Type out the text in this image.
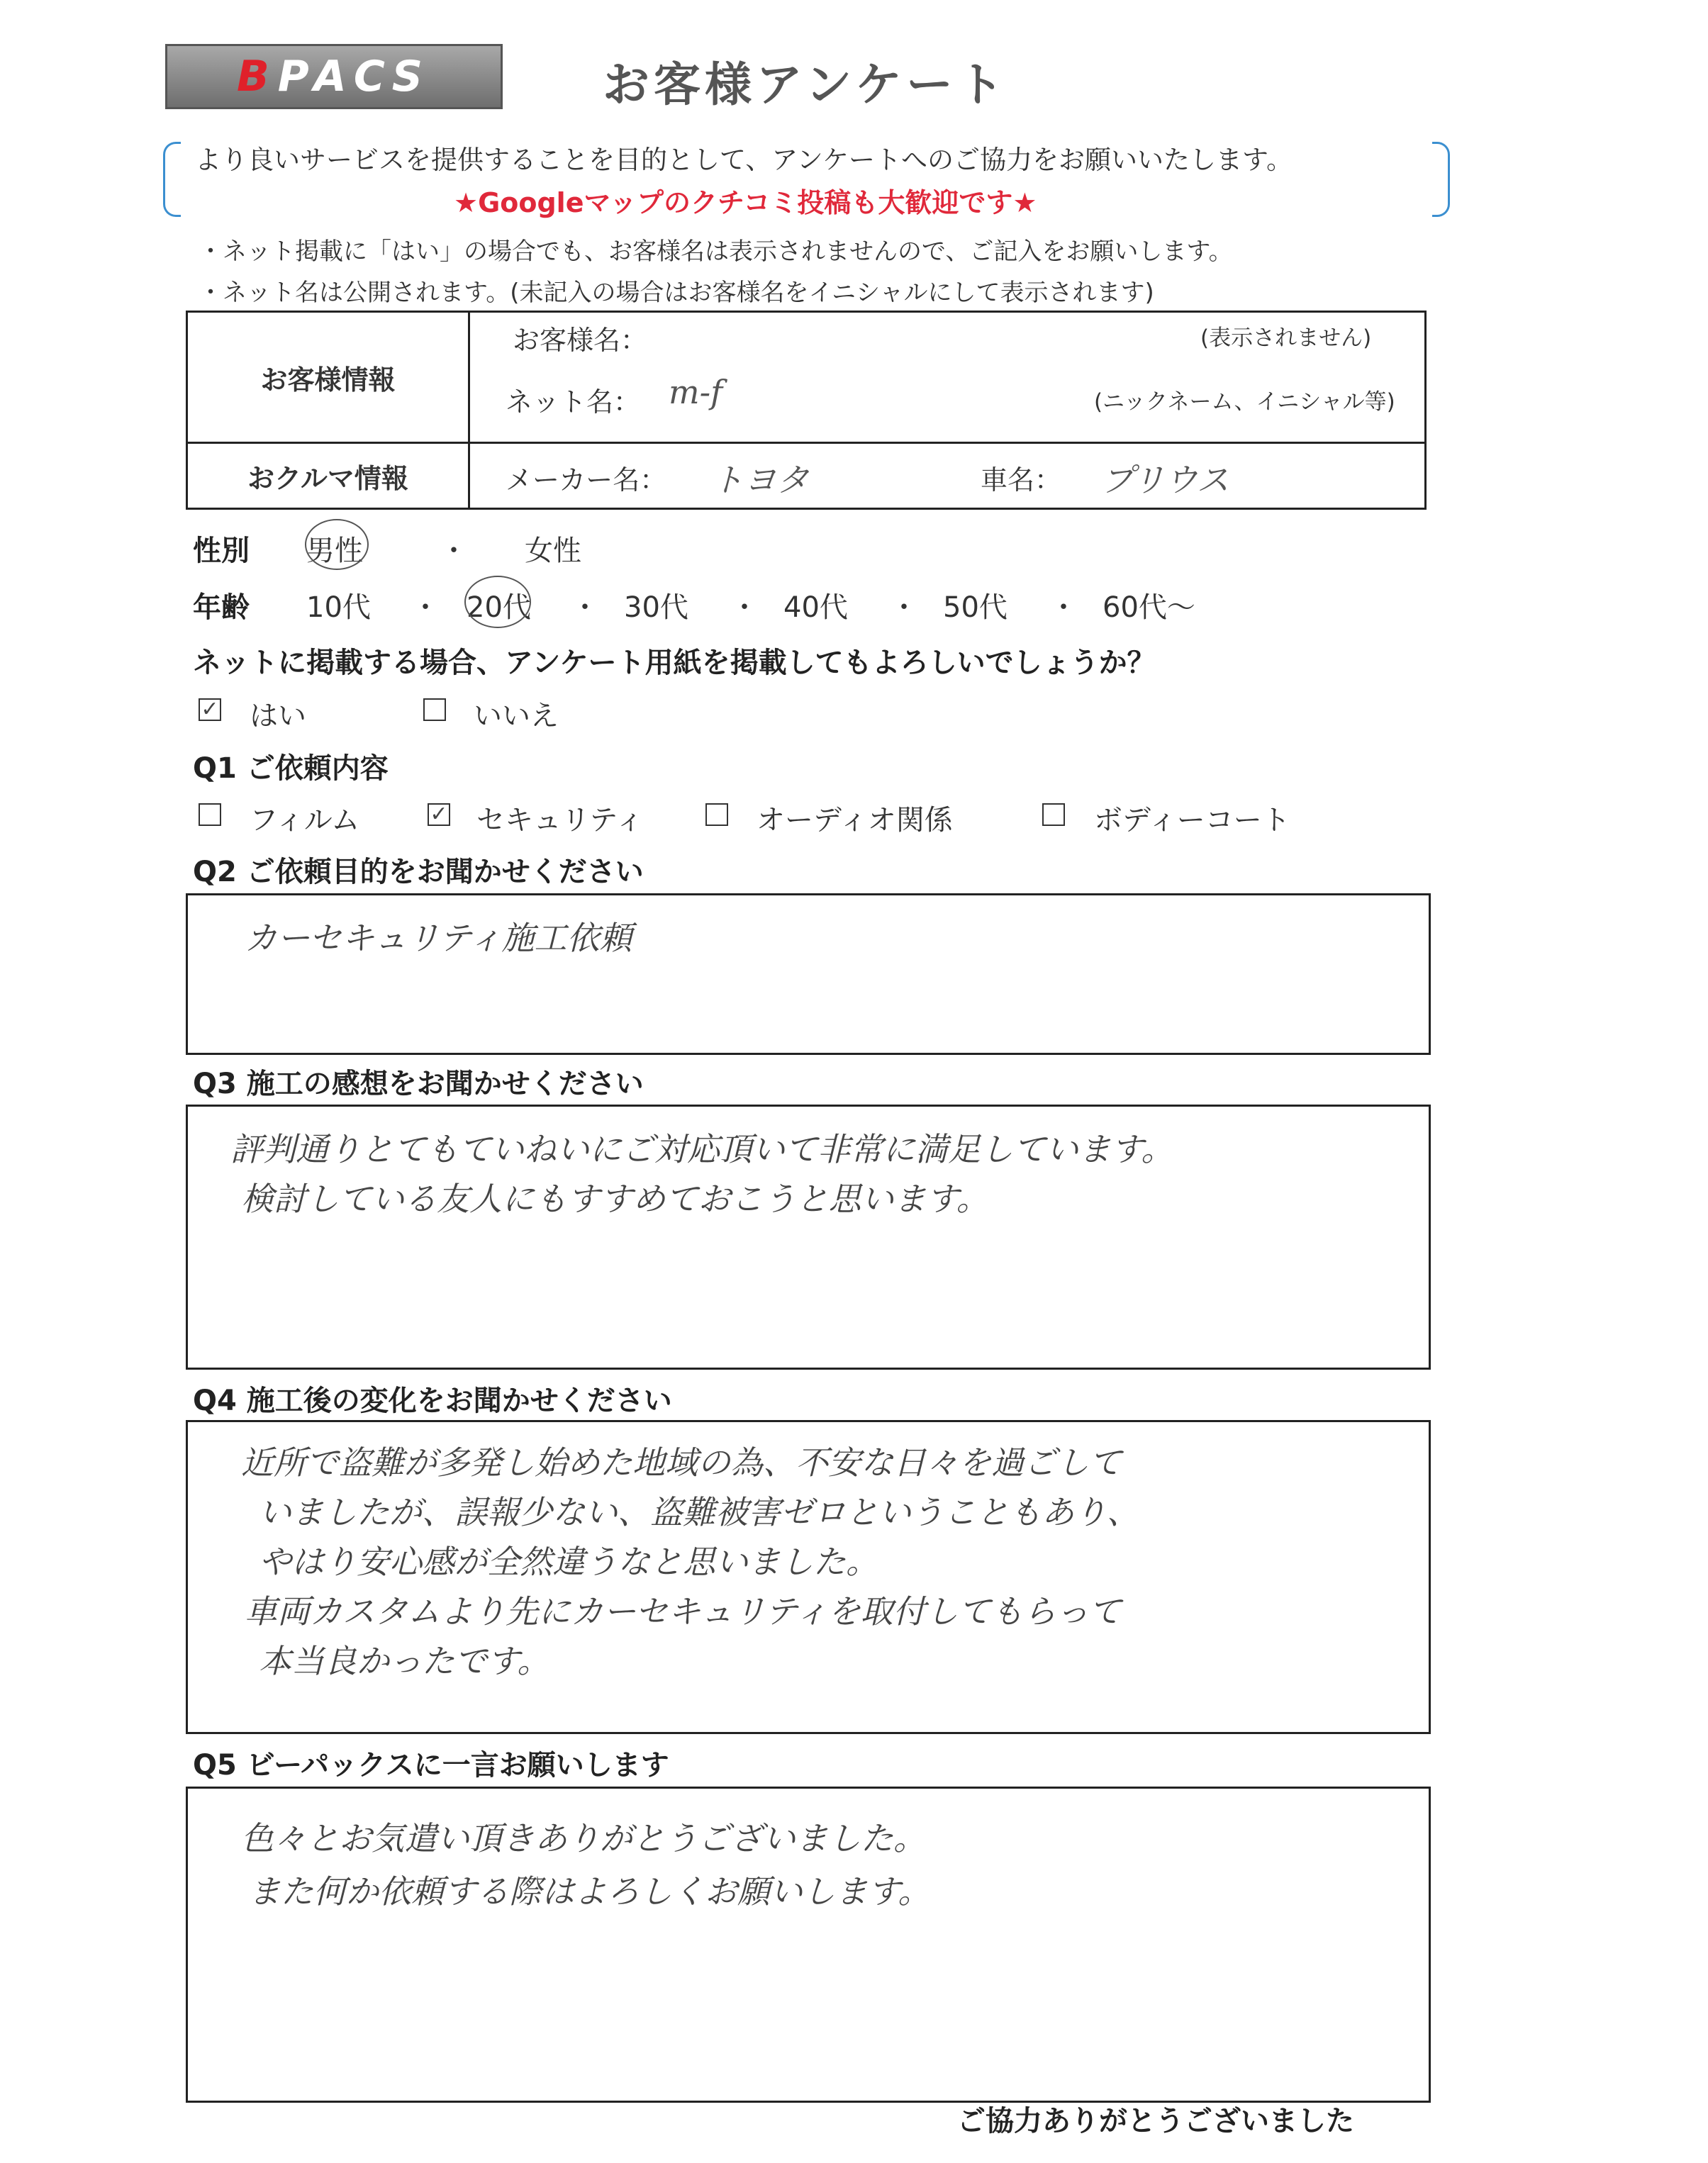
BPACS	お客様アンケート
より良いサービスを提供することを目的として、アンケートへのご協力をお願いいたします。
★Googleマップのクチコミ投稿も大歓迎です★
・ネット掲載に「はい」の場合でも、お客様名は表示されませんので、ご記入をお願いします。
・ネット名は公開されます。(未記入の場合はお客様名をイニシャルにして表示されます)
お客様情報	お客様名： (表示されません)
ネット名： m-f (ニックネーム、イニシャル等)

おクルマ情報	メーカー名： トヨタ 車名： プリウス
性別 男性	・ 女性
年齢 10代 ・ 20代 ・ 30代 ・ 40代 ・ 50代 ・ 60代～
ネットに掲載する場合、アンケート用紙を掲載してもよろしいでしょうか？
✓ はい	いいえ
Q1 ご依頼内容
フィルム	✓ セキュリティ	オーディオ関係	ボディーコート
Q2 ご依頼目的をお聞かせください
カーセキュリティ施工依頼
Q3 施工の感想をお聞かせください
評判通りとてもていねいにご対応頂いて非常に満足しています。
検討している友人にもすすめておこうと思います。
Q4 施工後の変化をお聞かせください
近所で盗難が多発し始めた地域の為、不安な日々を過ごして
いましたが、誤報少ない、盗難被害ゼロということもあり、
やはり安心感が全然違うなと思いました。
車両カスタムより先にカーセキュリティを取付してもらって
本当良かったです。
Q5 ビーパックスに一言お願いします
色々とお気遣い頂きありがとうございました。
また何か依頼する際はよろしくお願いします。
ご協力ありがとうございました
